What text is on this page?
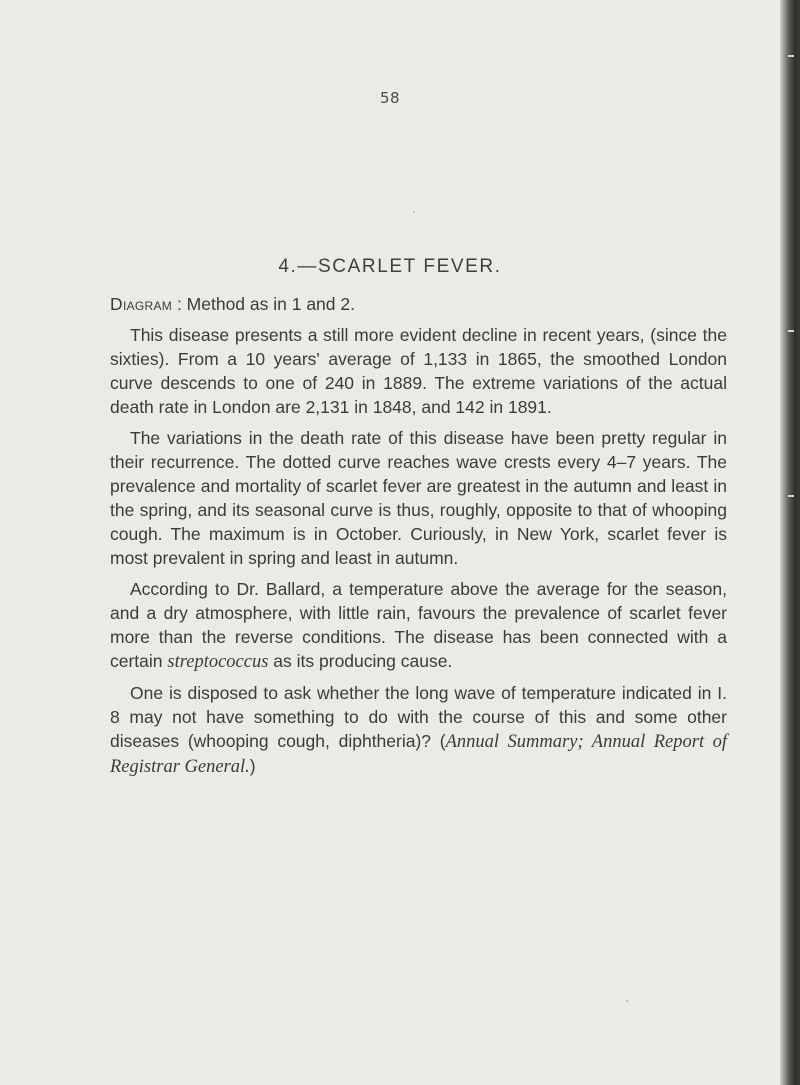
58
4.—SCARLET FEVER.

Diagram : Method as in 1 and 2.

This disease presents a still more evident decline in recent years, (since the sixties). From a 10 years' average of 1,133 in 1865, the smoothed London curve descends to one of 240 in 1889. The extreme variations of the actual death rate in London are 2,131 in 1848, and 142 in 1891.

The variations in the death rate of this disease have been pretty regular in their recurrence. The dotted curve reaches wave crests every 4–7 years. The prevalence and mortality of scarlet fever are greatest in the autumn and least in the spring, and its seasonal curve is thus, roughly, opposite to that of whooping cough. The maximum is in October. Curiously, in New York, scarlet fever is most prevalent in spring and least in autumn.

According to Dr. Ballard, a temperature above the average for the season, and a dry atmosphere, with little rain, favours the prevalence of scarlet fever more than the reverse conditions. The disease has been connected with a certain streptococcus as its producing cause.

One is disposed to ask whether the long wave of temperature indicated in I. 8 may not have something to do with the course of this and some other diseases (whooping cough, diphtheria)? (Annual Summary; Annual Report of Registrar General.)
